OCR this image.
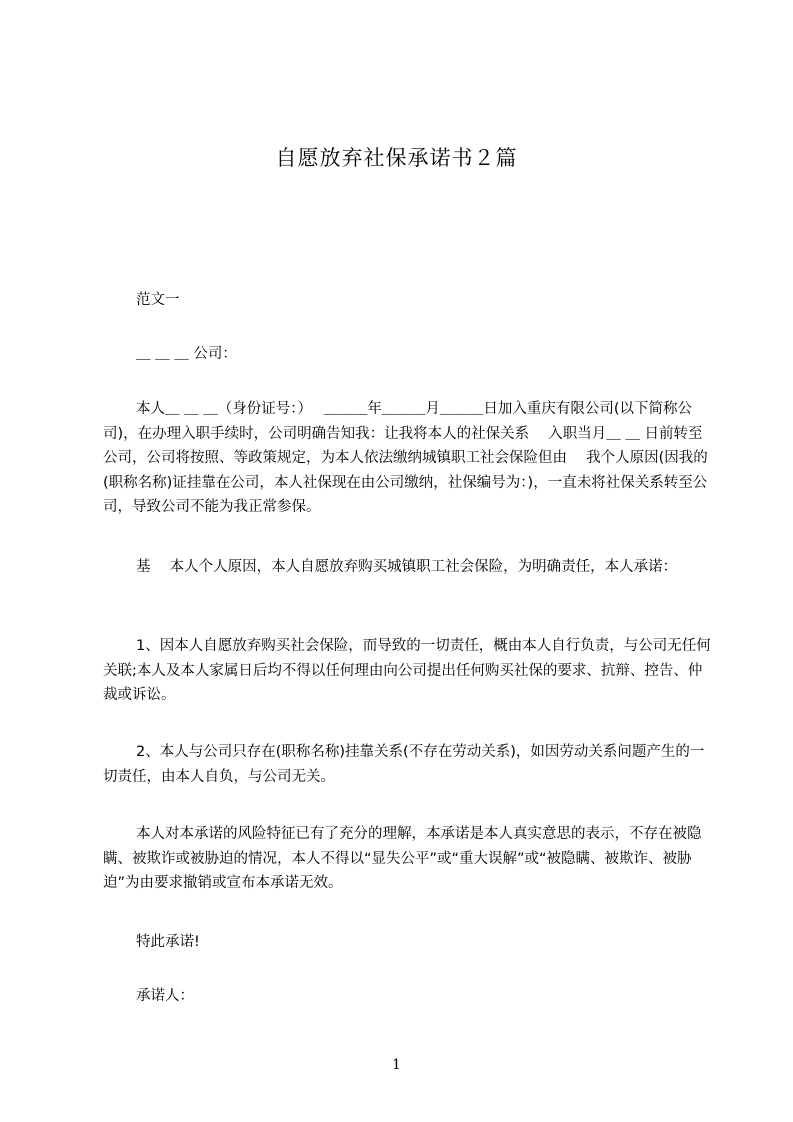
自愿放弃社保承诺书２篇

范文一

＿ ＿ ＿ 公司：

本人＿ ＿ ＿（身份证号：）　 ＿＿＿年＿＿＿月＿＿＿日加入重庆有限公司(以下简称公司)，在办理入职手续时，公司明确告知我：让我将本人的社保关系　 入职当月＿ ＿ 日前转至公司，公司将按照、等政策规定，为本人依法缴纳城镇职工社会保险但由　 我个人原因(因我的(职称名称)证挂靠在公司，本人社保现在由公司缴纳，社保编号为：)，一直未将社保关系转至公司，导致公司不能为我正常参保。

基　 本人个人原因，本人自愿放弃购买城镇职工社会保险，为明确责任，本人承诺：

1、因本人自愿放弃购买社会保险，而导致的一切责任，概由本人自行负责，与公司无任何关联;本人及本人家属日后均不得以任何理由向公司提出任何购买社保的要求、抗辩、控告、仲裁或诉讼。

2、本人与公司只存在(职称名称)挂靠关系(不存在劳动关系)，如因劳动关系问题产生的一切责任，由本人自负，与公司无关。

本人对本承诺的风险特征已有了充分的理解，本承诺是本人真实意思的表示，不存在被隐瞒、被欺诈或被胁迫的情况，本人不得以“显失公平”或“重大误解”或“被隐瞒、被欺诈、被胁迫”为由要求撤销或宣布本承诺无效。

特此承诺!

承诺人：

1
